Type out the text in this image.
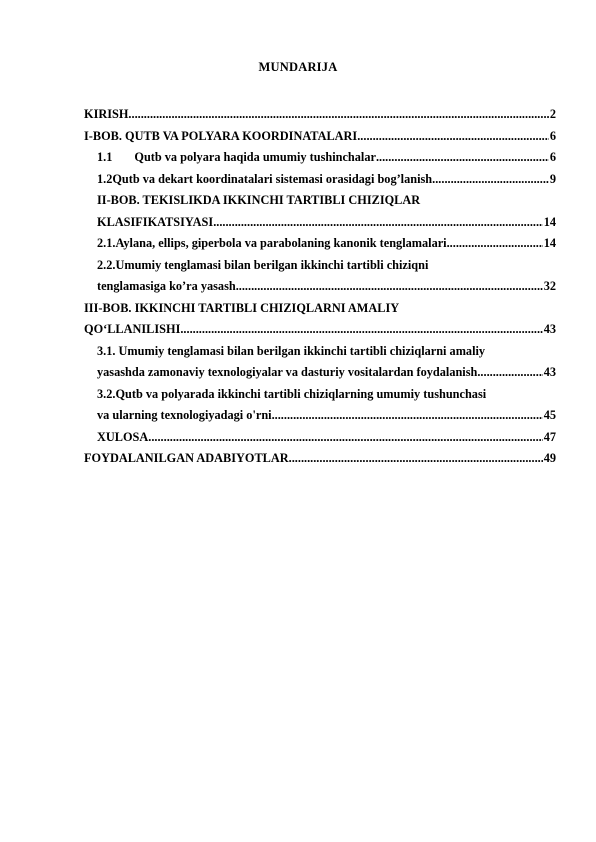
MUNDARIJA
KIRISH .....	2
I-BOB. QUTB VA POLYARA KOORDINATALARI .....	6
1.1 Qutb va polyara haqida umumiy tushinchalar .....	6
1.2Qutb va dekart koordinatalari sistemasi orasidagi bog’lanish .....	9
II-BOB. TEKISLIKDA IKKINCHI TARTIBLI CHIZIQLAR
KLASIFIKATSIYASI .....	14
2.1.Aylana, ellips, giperbola va parabolaning kanonik tenglamalari .....	14
2.2.Umumiy tenglamasi bilan berilgan ikkinchi tartibli chiziqni
tenglamasiga ko’ra yasash .....	32
III-BOB. IKKINCHI TARTIBLI CHIZIQLARNI AMALIY
QO‘LLANILISHI .....	43
3.1. Umumiy tenglamasi bilan berilgan ikkinchi tartibli chiziqlarni amaliy
yasashda zamonaviy texnologiyalar va dasturiy vositalardan foydalanish. .....	43
3.2.Qutb va polyarada ikkinchi tartibli chiziqlarning umumiy tushunchasi
va ularning texnologiyadagi o'rni .....	45
XULOSA .....	47
FOYDALANILGAN ADABIYOTLAR .....	49
